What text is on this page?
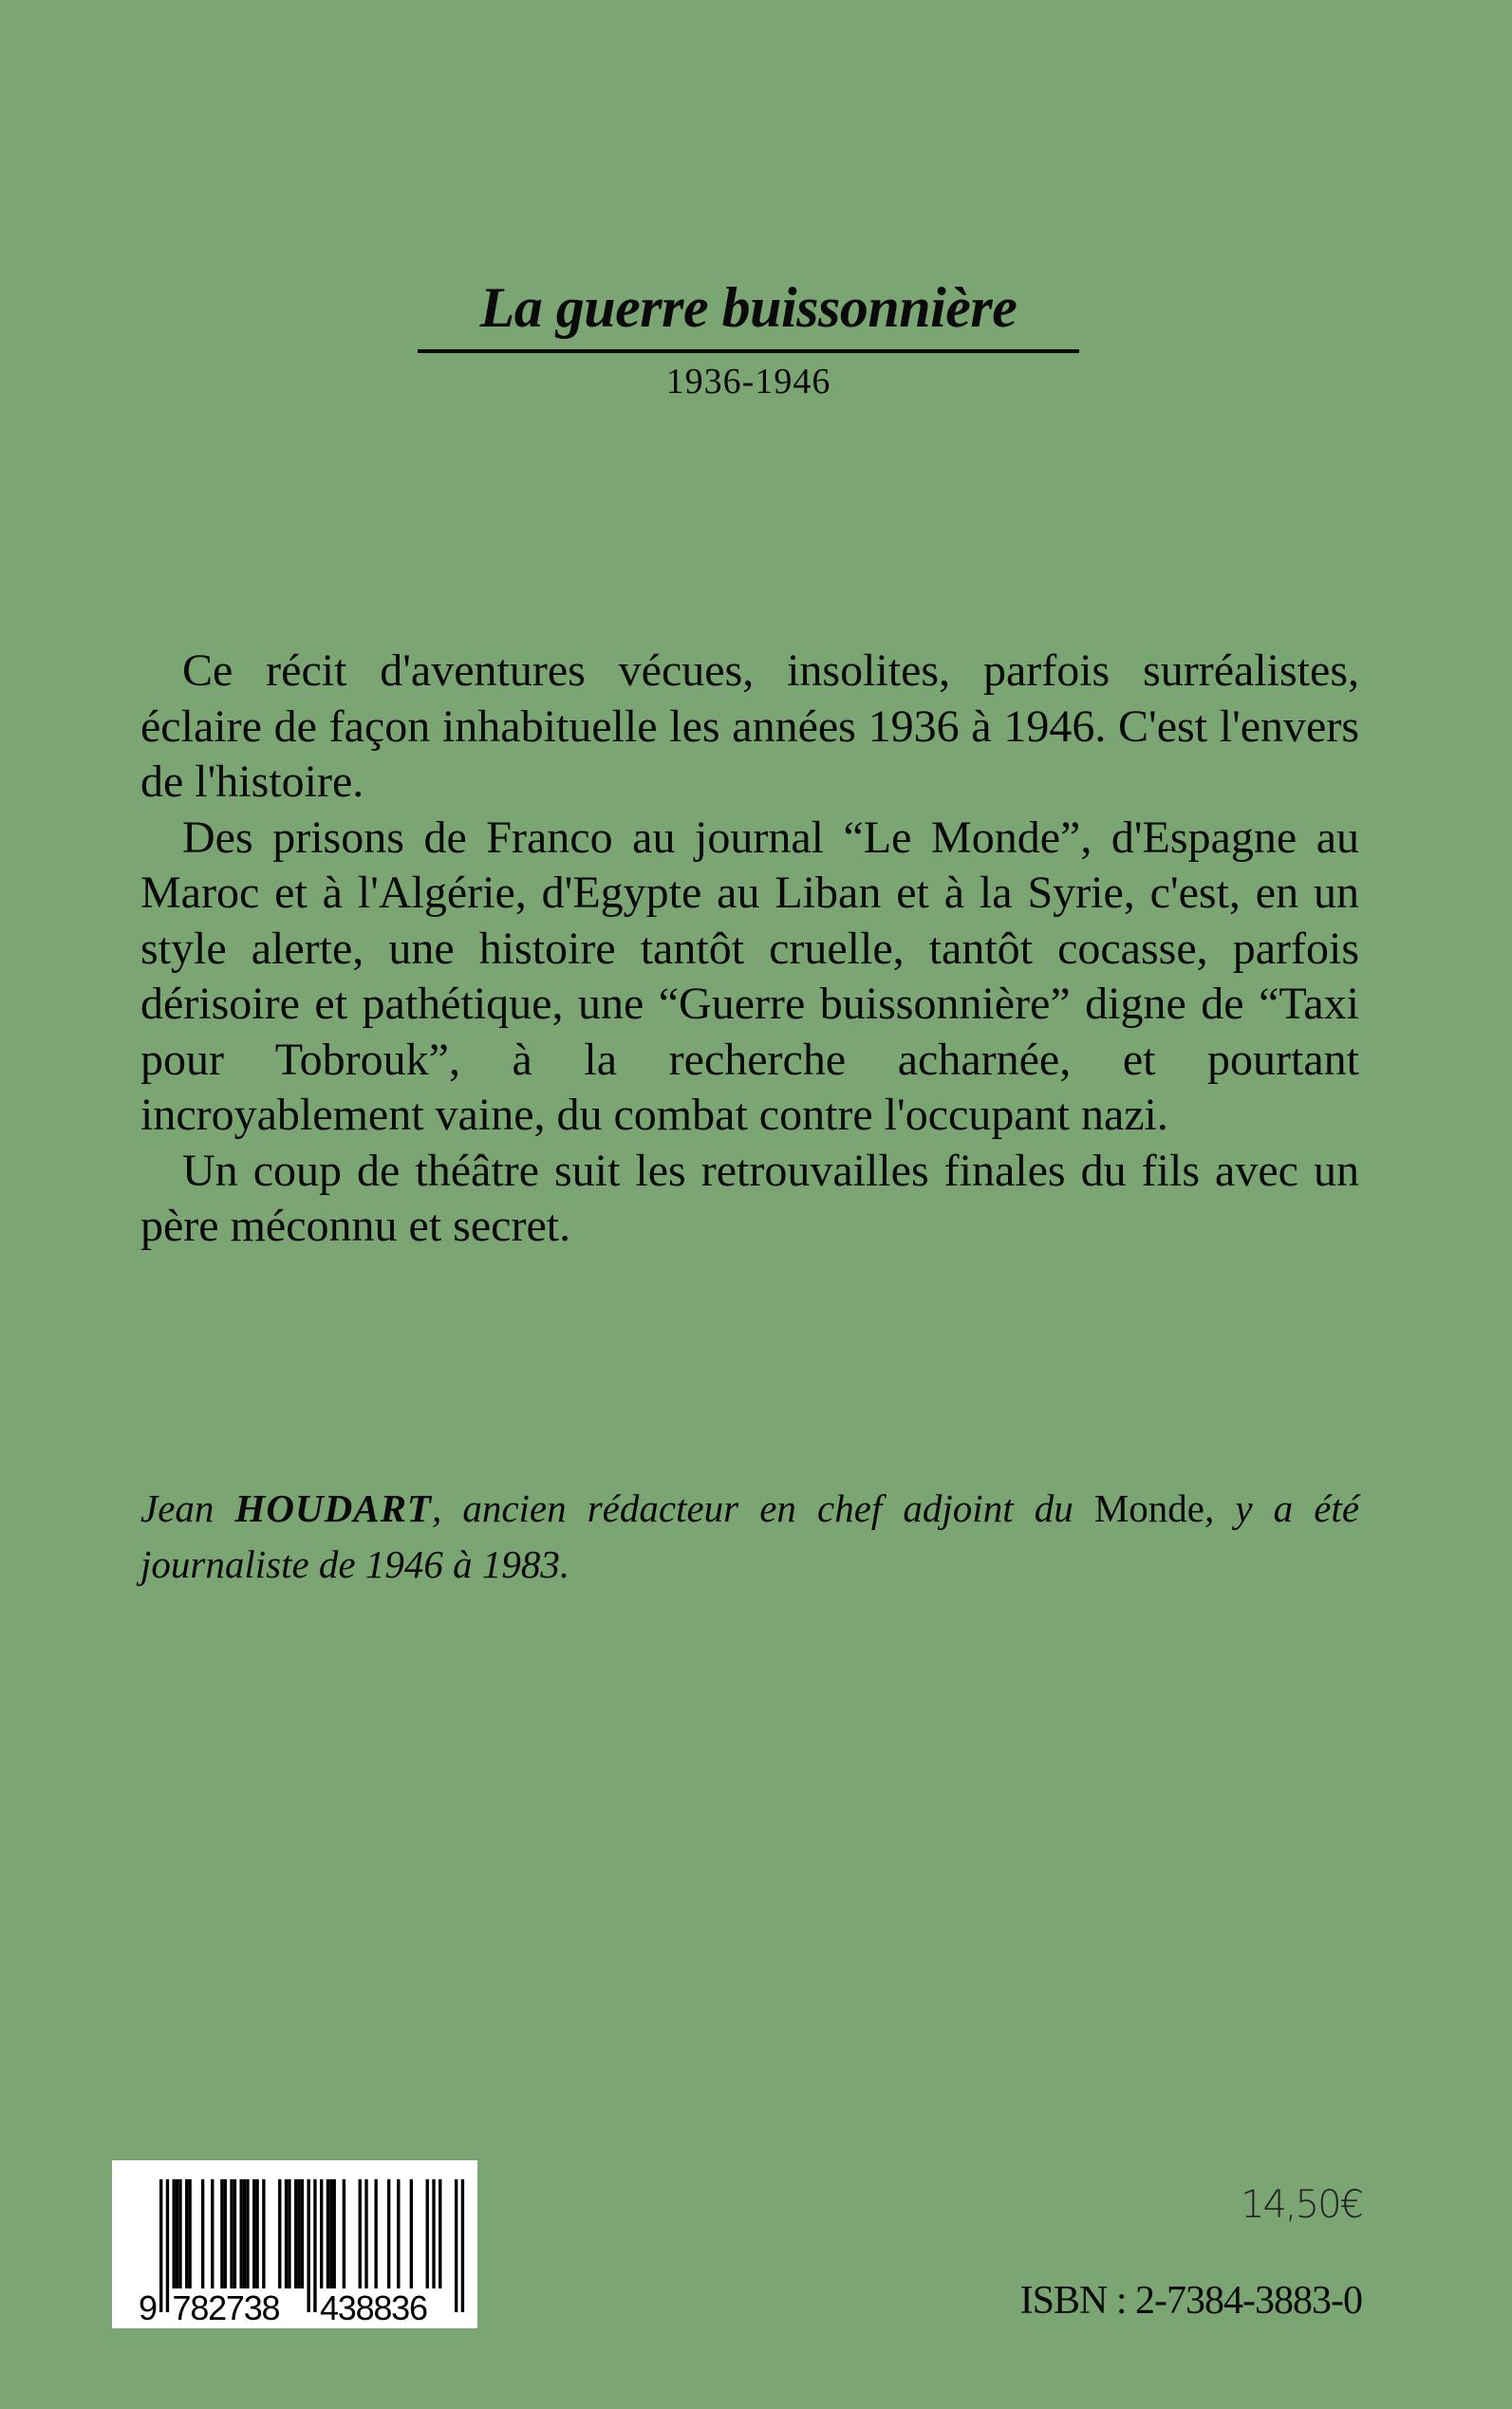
La guerre buissonnière
1936-1946

Ce récit d'aventures vécues, insolites, parfois surréalistes, éclaire de façon inhabituelle les années 1936 à 1946. C'est l'envers de l'histoire.

Des prisons de Franco au journal “Le Monde”, d'Espagne au Maroc et à l'Algérie, d'Egypte au Liban et à la Syrie, c'est, en un style alerte, une histoire tantôt cruelle, tantôt cocasse, parfois dérisoire et pathétique, une “Guerre buissonnière” digne de “Taxi pour Tobrouk”, à la recherche acharnée, et pourtant incroyablement vaine, du combat contre l'occupant nazi.

Un coup de théâtre suit les retrouvailles finales du fils avec un père méconnu et secret.

Jean HOUDART, ancien rédacteur en chef adjoint du Monde, y a été journaliste de 1946 à 1983.
9 782738 438836
14,50€
ISBN : 2-7384-3883-0
